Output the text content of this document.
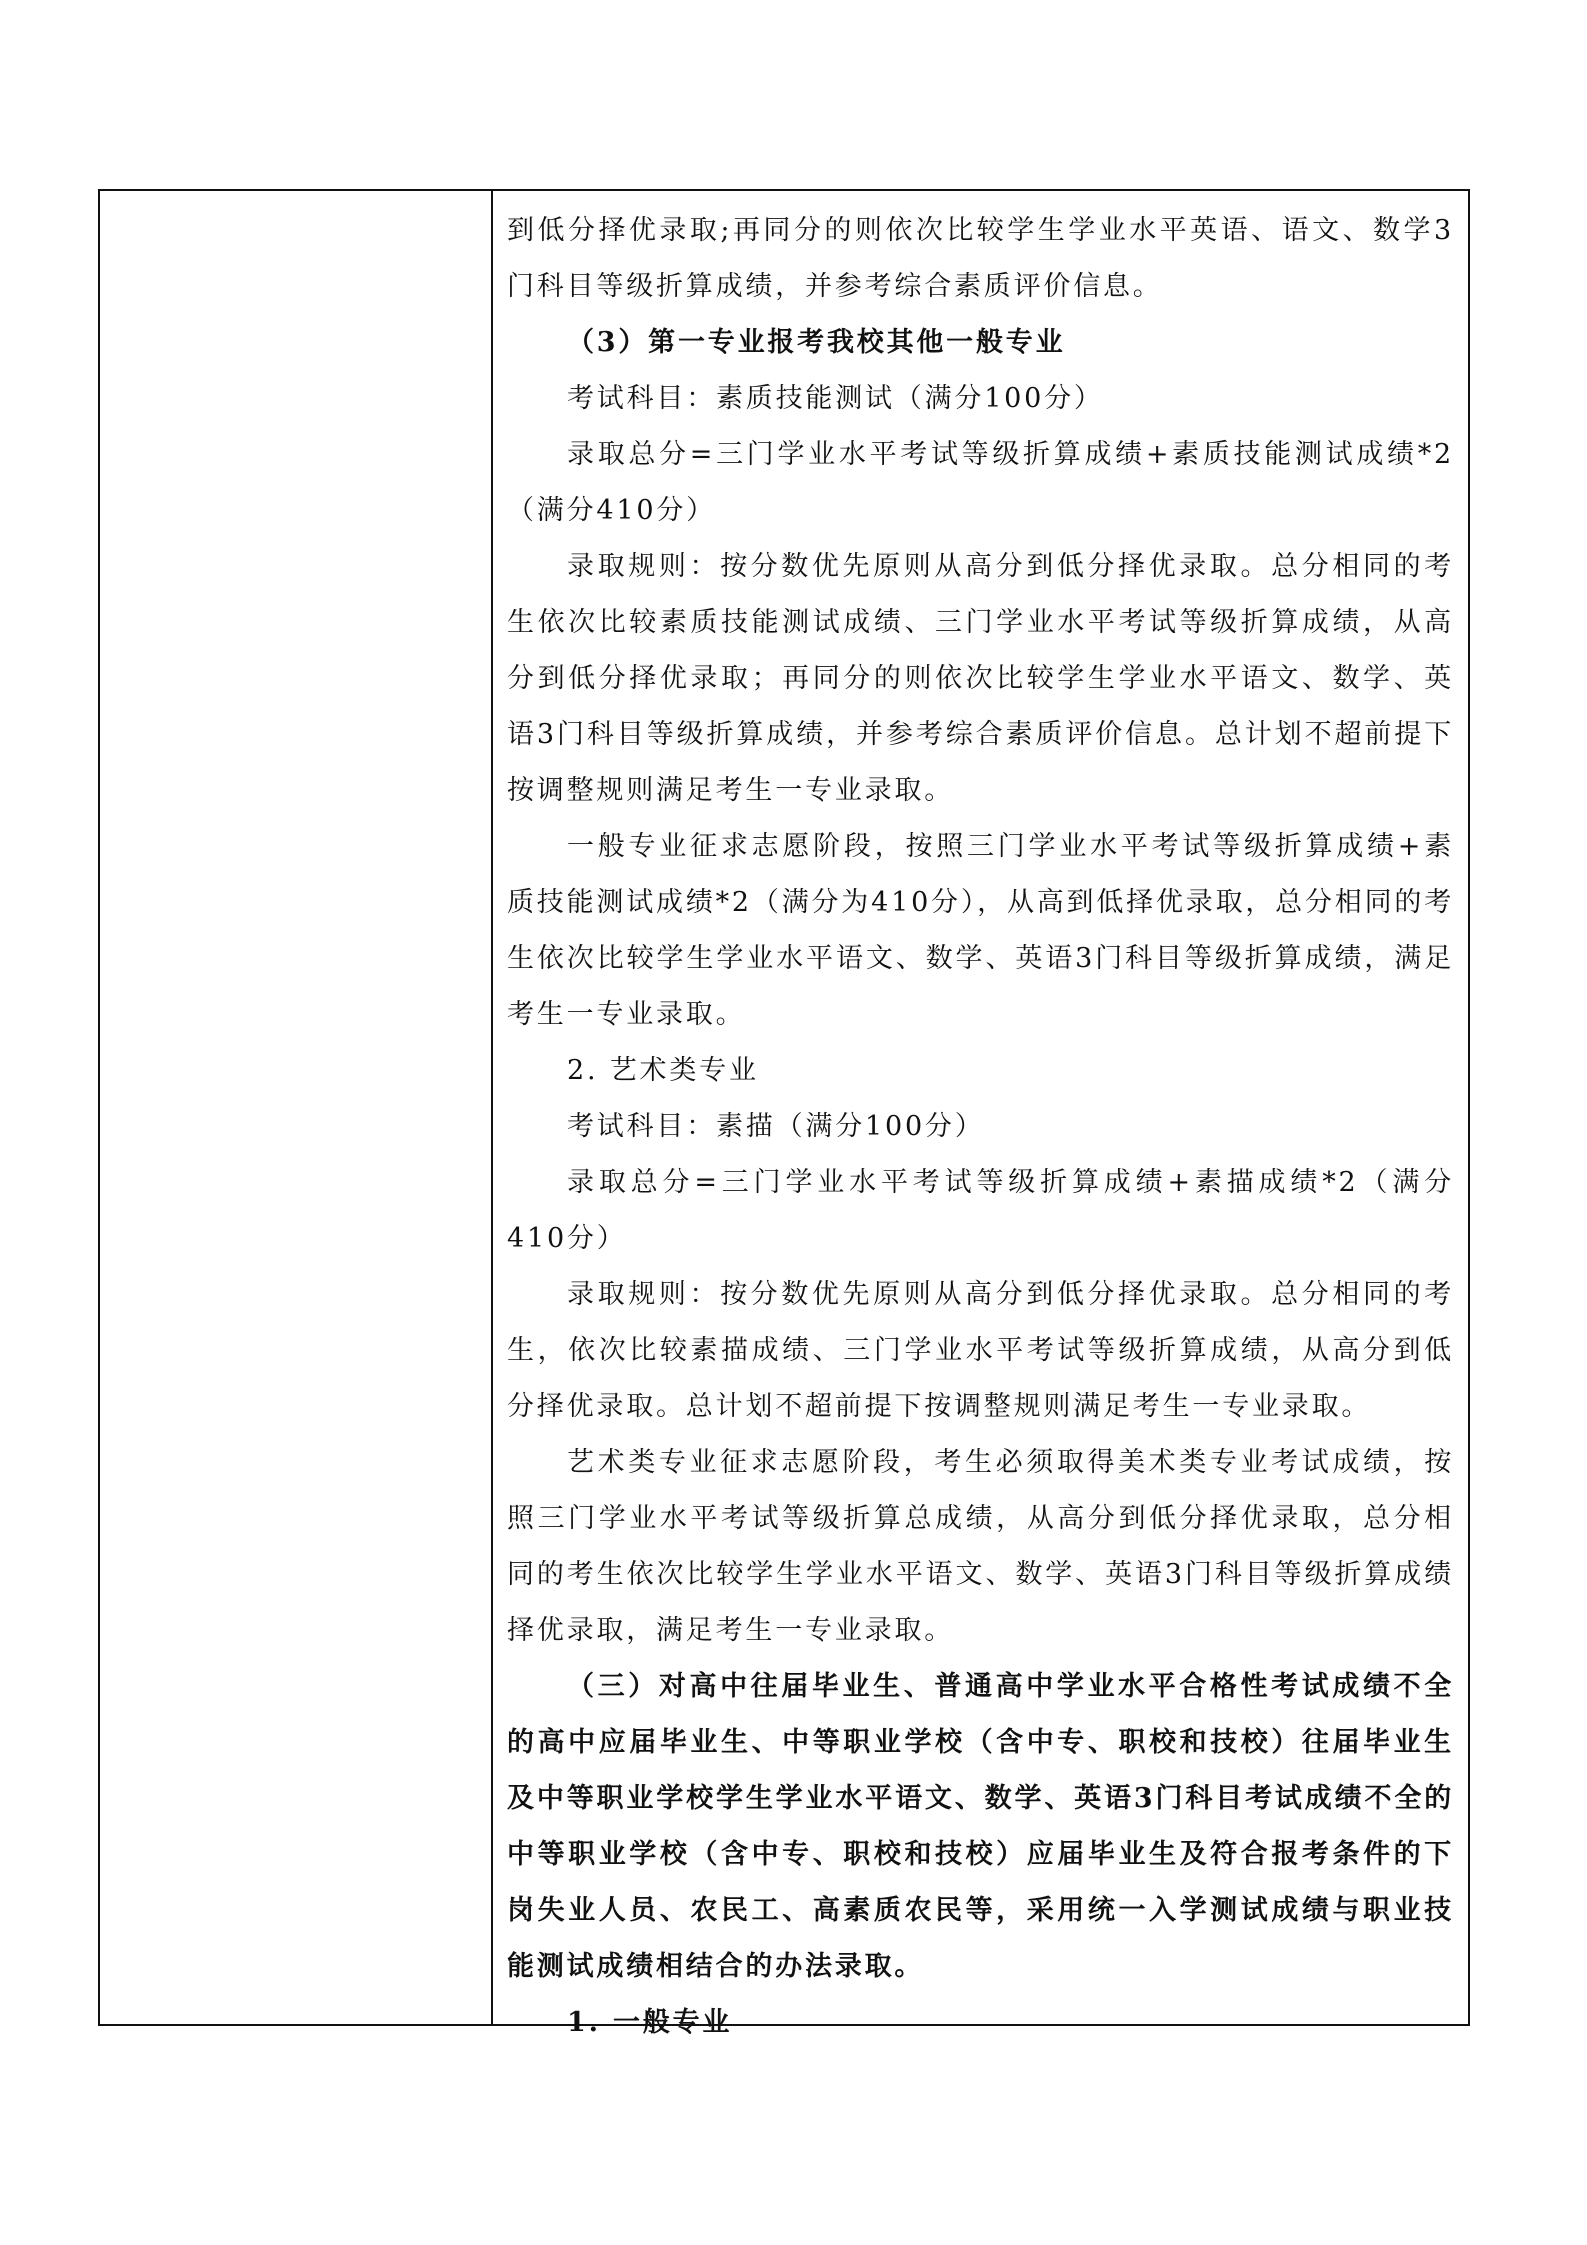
到低分择优录取;再同分的则依次比较学生学业水平英语、语文、数学3门科目等级折算成绩，并参考综合素质评价信息。

（3）第一专业报考我校其他一般专业

考试科目：素质技能测试（满分100分）

录取总分=三门学业水平考试等级折算成绩+素质技能测试成绩*2（满分410分）

录取规则：按分数优先原则从高分到低分择优录取。总分相同的考生依次比较素质技能测试成绩、三门学业水平考试等级折算成绩，从高分到低分择优录取；再同分的则依次比较学生学业水平语文、数学、英语3门科目等级折算成绩，并参考综合素质评价信息。总计划不超前提下按调整规则满足考生一专业录取。

一般专业征求志愿阶段，按照三门学业水平考试等级折算成绩+素质技能测试成绩*2（满分为410分），从高到低择优录取，总分相同的考生依次比较学生学业水平语文、数学、英语3门科目等级折算成绩，满足考生一专业录取。

2. 艺术类专业

考试科目：素描（满分100分）

录取总分=三门学业水平考试等级折算成绩+素描成绩*2（满分410分）

录取规则：按分数优先原则从高分到低分择优录取。总分相同的考生，依次比较素描成绩、三门学业水平考试等级折算成绩，从高分到低分择优录取。总计划不超前提下按调整规则满足考生一专业录取。

艺术类专业征求志愿阶段，考生必须取得美术类专业考试成绩，按照三门学业水平考试等级折算总成绩，从高分到低分择优录取，总分相同的考生依次比较学生学业水平语文、数学、英语3门科目等级折算成绩择优录取，满足考生一专业录取。

（三）对高中往届毕业生、普通高中学业水平合格性考试成绩不全的高中应届毕业生、中等职业学校（含中专、职校和技校）往届毕业生及中等职业学校学生学业水平语文、数学、英语3门科目考试成绩不全的中等职业学校（含中专、职校和技校）应届毕业生及符合报考条件的下岗失业人员、农民工、高素质农民等，采用统一入学测试成绩与职业技能测试成绩相结合的办法录取。

1. 一般专业
